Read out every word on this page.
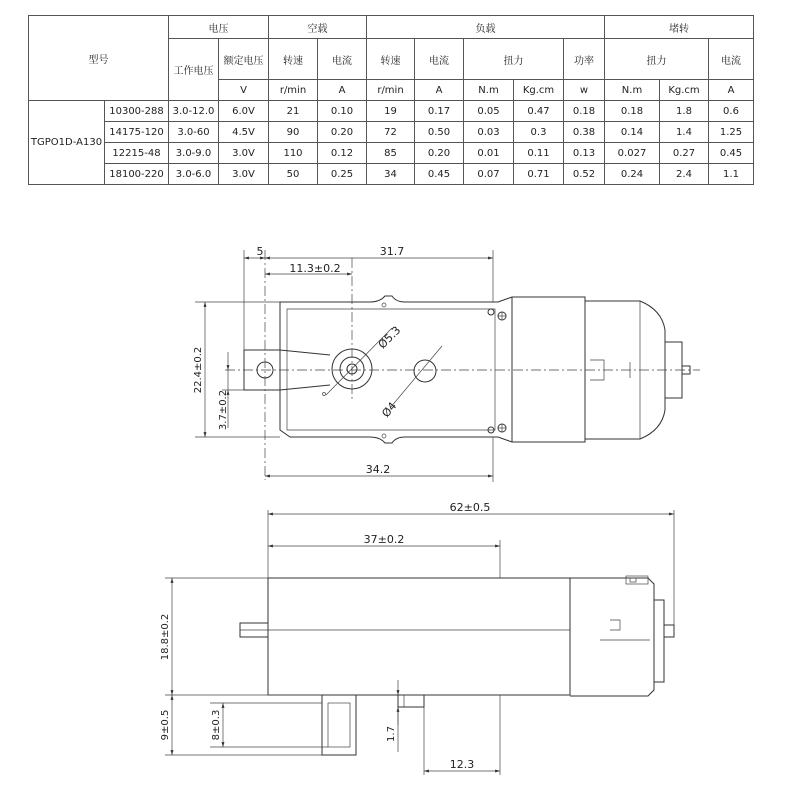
型号		电压		空载		负载					堵转		
		工作电压	额定电压	转速	电流	转速	电流	扭力		功率	扭力		电流
			V	r/min	A	r/min	A	N.m	Kg.cm	w	N.m	Kg.cm	A
TGPO1D-A130	10300-288	3.0-12.0	6.0V	21	0.10	19	0.17	0.05	0.47	0.18	0.18	1.8	0.6
	14175-120	3.0-60	4.5V	90	0.20	72	0.50	0.03	0.3	0.38	0.14	1.4	1.25
	12215-48	3.0-9.0	3.0V	110	0.12	85	0.20	0.01	0.11	0.13	0.027	0.27	0.45
	18100-220	3.0-6.0	3.0V	50	0.25	34	0.45	0.07	0.71	0.52	0.24	2.4	1.1
5	31.7
11.3±0.2
22.4±0.2
3.7±0.2
Ø5.3
Ø4
34.2
62±0.5
37±0.2
18.8±0.2
9±0.5	8±0.3	1.7
12.3
